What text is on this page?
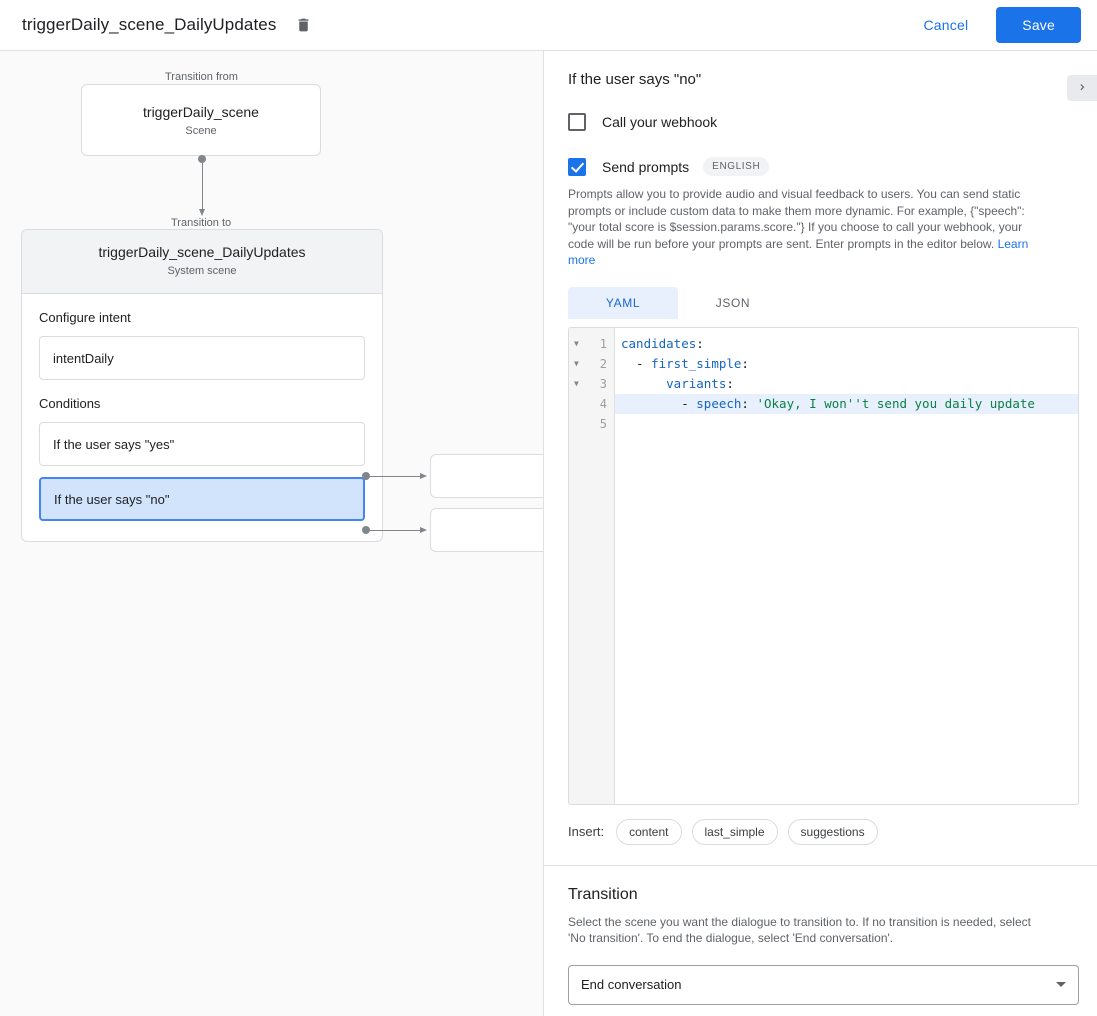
triggerDaily_scene_DailyUpdates	Cancel	Save
Transition from
triggerDaily_scene
Scene
Transition to
triggerDaily_scene_DailyUpdates
System scene
Configure intent
intentDaily
Conditions
If the user says "yes"
If the user says "no"
If the user says "no"
Call your webhook
Send prompts	ENGLISH
Prompts allow you to provide audio and visual feedback to users. You can send static prompts or include custom data to make them more dynamic. For example, {"speech": "your total score is $session.params.score."} If you choose to call your webhook, your code will be run before your prompts are sent. Enter prompts in the editor below. Learn more
YAML	JSON
▼ 1
▼ 2
▼ 3
4
5
candidates:
- first_simple:
variants:
- speech: 'Okay, I won''t send you daily update
Insert:	content	last_simple	suggestions
Transition
Select the scene you want the dialogue to transition to. If no transition is needed, select 'No transition'. To end the dialogue, select 'End conversation'.
End conversation
